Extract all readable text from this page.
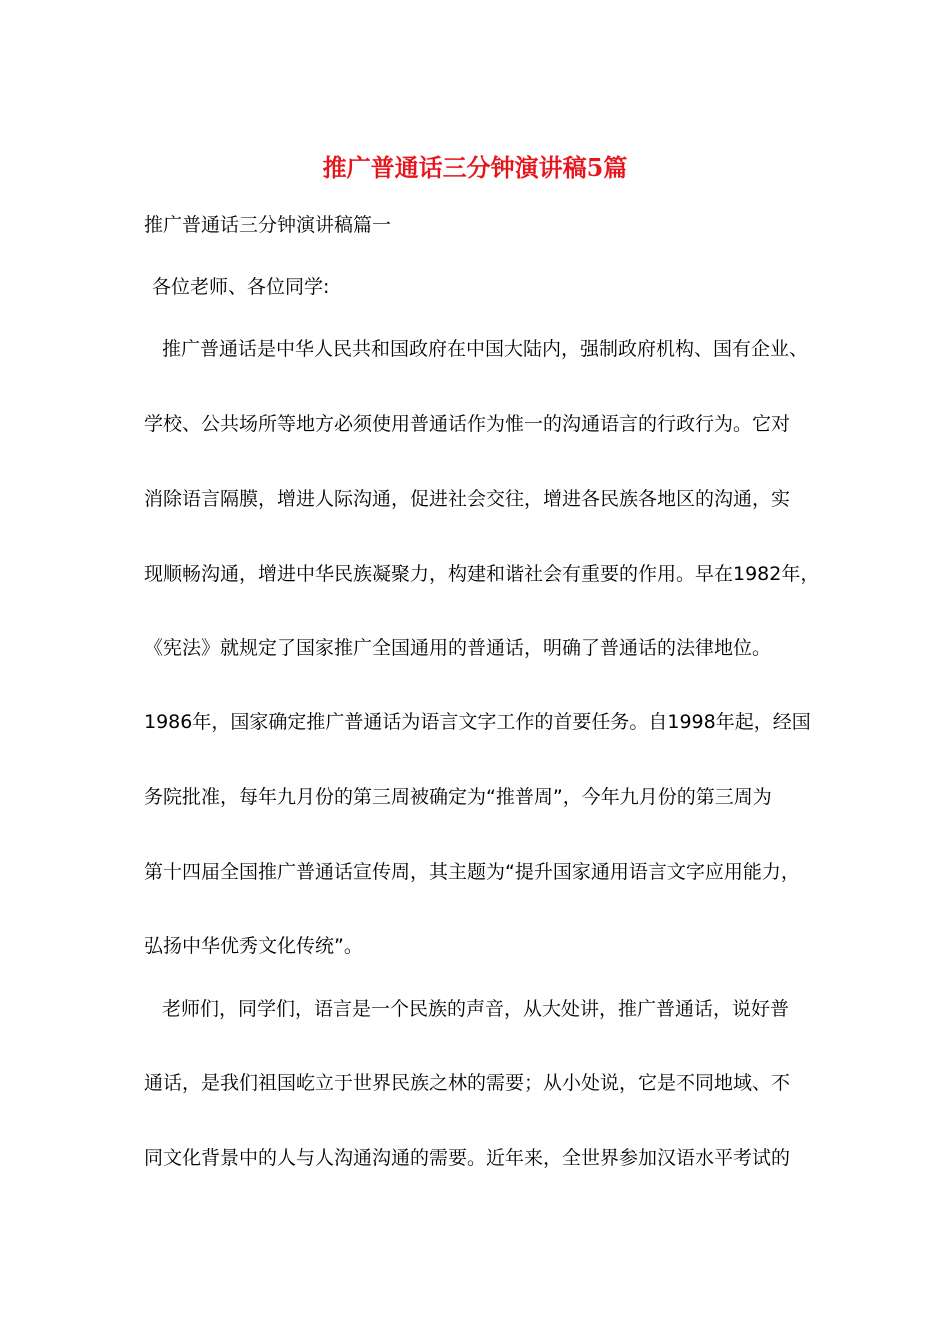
推广普通话三分钟演讲稿5篇
推广普通话三分钟演讲稿篇一
各位老师、各位同学:
推广普通话是中华人民共和国政府在中国大陆内，强制政府机构、国有企业、
学校、公共场所等地方必须使用普通话作为惟一的沟通语言的行政行为。它对
消除语言隔膜，增进人际沟通，促进社会交往，增进各民族各地区的沟通，实
现顺畅沟通，增进中华民族凝聚力，构建和谐社会有重要的作用。早在1982年，
《宪法》就规定了国家推广全国通用的普通话，明确了普通话的法律地位。
1986年，国家确定推广普通话为语言文字工作的首要任务。自1998年起，经国
务院批准，每年九月份的第三周被确定为“推普周”，今年九月份的第三周为
第十四届全国推广普通话宣传周，其主题为“提升国家通用语言文字应用能力，
弘扬中华优秀文化传统”。
老师们，同学们，语言是一个民族的声音，从大处讲，推广普通话，说好普
通话，是我们祖国屹立于世界民族之林的需要；从小处说，它是不同地域、不
同文化背景中的人与人沟通沟通的需要。近年来，全世界参加汉语水平考试的
